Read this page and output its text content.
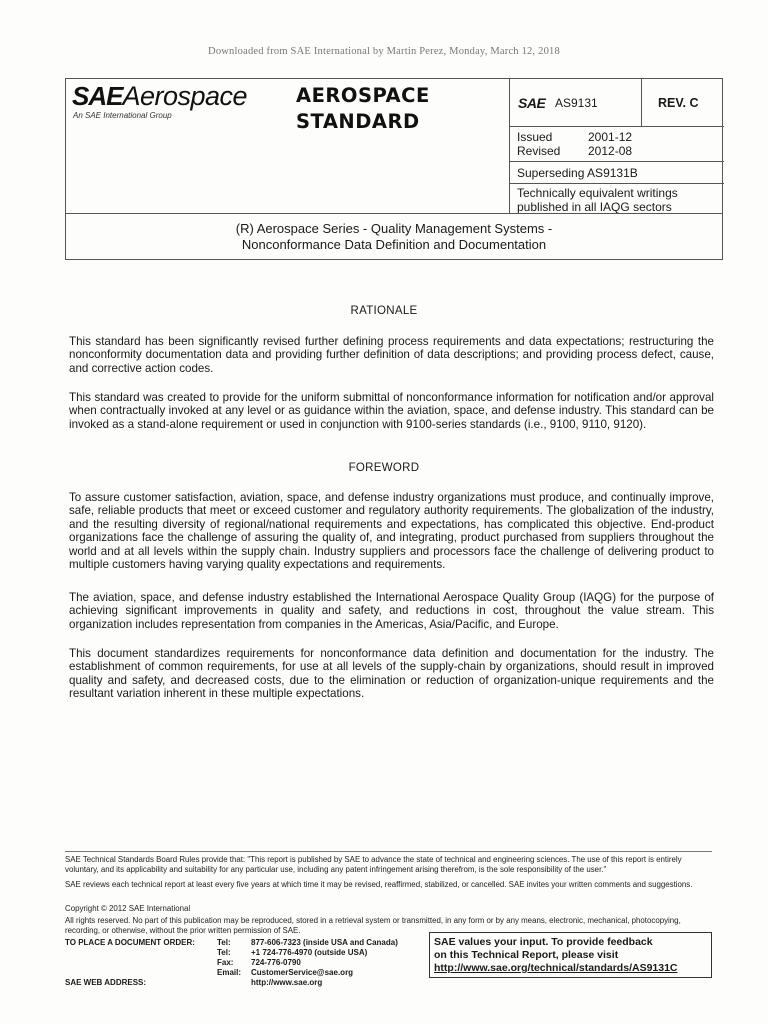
Downloaded from SAE International by Martin Perez, Monday, March 12, 2018
SAEAerospace
An SAE International Group
AEROSPACE
STANDARD
SAE AS9131	REV. C
Issued	2001-12
Revised 2012-08
Superseding AS9131B
Technically equivalent writings
published in all IAQG sectors
(R) Aerospace Series - Quality Management Systems -
Nonconformance Data Definition and Documentation
RATIONALE
This standard has been significantly revised further defining process requirements and data expectations; restructuring the nonconformity documentation data and providing further definition of data descriptions; and providing process defect, cause, and corrective action codes.
This standard was created to provide for the uniform submittal of nonconformance information for notification and/or approval when contractually invoked at any level or as guidance within the aviation, space, and defense industry. This standard can be invoked as a stand-alone requirement or used in conjunction with 9100-series standards (i.e., 9100, 9110, 9120).
FOREWORD
To assure customer satisfaction, aviation, space, and defense industry organizations must produce, and continually improve, safe, reliable products that meet or exceed customer and regulatory authority requirements. The globalization of the industry, and the resulting diversity of regional/national requirements and expectations, has complicated this objective. End-product organizations face the challenge of assuring the quality of, and integrating, product purchased from suppliers throughout the world and at all levels within the supply chain. Industry suppliers and processors face the challenge of delivering product to multiple customers having varying quality expectations and requirements.
The aviation, space, and defense industry established the International Aerospace Quality Group (IAQG) for the purpose of achieving significant improvements in quality and safety, and reductions in cost, throughout the value stream. This organization includes representation from companies in the Americas, Asia/Pacific, and Europe.
This document standardizes requirements for nonconformance data definition and documentation for the industry. The establishment of common requirements, for use at all levels of the supply-chain by organizations, should result in improved quality and safety, and decreased costs, due to the elimination or reduction of organization-unique requirements and the resultant variation inherent in these multiple expectations.
SAE Technical Standards Board Rules provide that: "This report is published by SAE to advance the state of technical and engineering sciences. The use of this report is entirely voluntary, and its applicability and suitability for any particular use, including any patent infringement arising therefrom, is the sole responsibility of the user."
SAE reviews each technical report at least every five years at which time it may be revised, reaffirmed, stabilized, or cancelled. SAE invites your written comments and suggestions.
Copyright © 2012 SAE International
All rights reserved. No part of this publication may be reproduced, stored in a retrieval system or transmitted, in any form or by any means, electronic, mechanical, photocopying, recording, or otherwise, without the prior written permission of SAE.
TO PLACE A DOCUMENT ORDER:	Tel:	877-606-7323 (inside USA and Canada)
Tel:	+1 724-776-4970 (outside USA)
Fax: 724-776-0790
Email: CustomerService@sae.org
SAE WEB ADDRESS:	http://www.sae.org
SAE values your input. To provide feedback
on this Technical Report, please visit
http://www.sae.org/technical/standards/AS9131C
